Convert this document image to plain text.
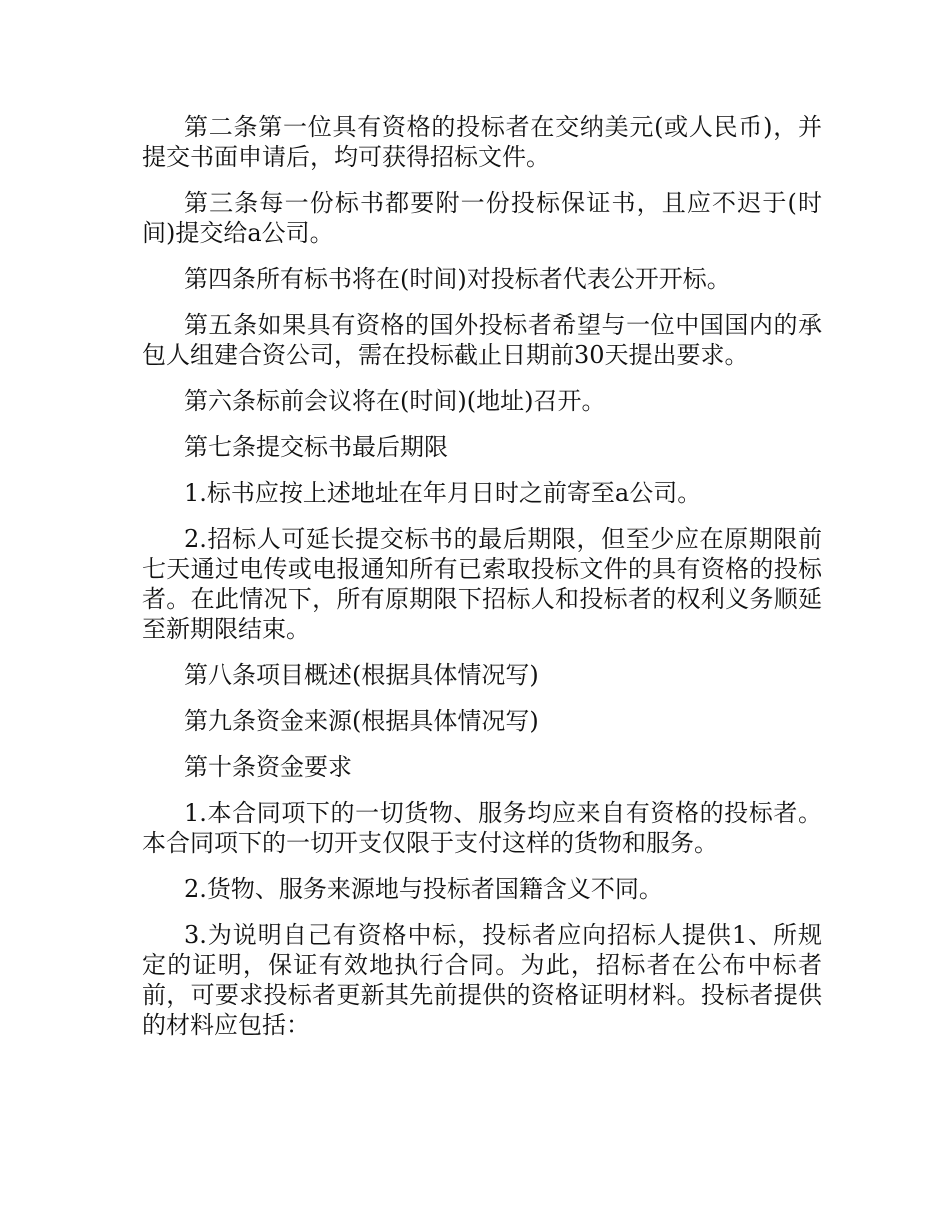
第二条第一位具有资格的投标者在交纳美元(或人民币)，并提交书面申请后，均可获得招标文件。

第三条每一份标书都要附一份投标保证书，且应不迟于(时间)提交给a公司。

第四条所有标书将在(时间)对投标者代表公开开标。

第五条如果具有资格的国外投标者希望与一位中国国内的承包人组建合资公司，需在投标截止日期前30天提出要求。

第六条标前会议将在(时间)(地址)召开。

第七条提交标书最后期限

1.标书应按上述地址在年月日时之前寄至a公司。

2.招标人可延长提交标书的最后期限，但至少应在原期限前七天通过电传或电报通知所有已索取投标文件的具有资格的投标者。在此情况下，所有原期限下招标人和投标者的权利义务顺延至新期限结束。

第八条项目概述(根据具体情况写)

第九条资金来源(根据具体情况写)

第十条资金要求

1.本合同项下的一切货物、服务均应来自有资格的投标者。本合同项下的一切开支仅限于支付这样的货物和服务。

2.货物、服务来源地与投标者国籍含义不同。

3.为说明自己有资格中标，投标者应向招标人提供1、所规定的证明，保证有效地执行合同。为此，招标者在公布中标者前，可要求投标者更新其先前提供的资格证明材料。投标者提供的材料应包括：
